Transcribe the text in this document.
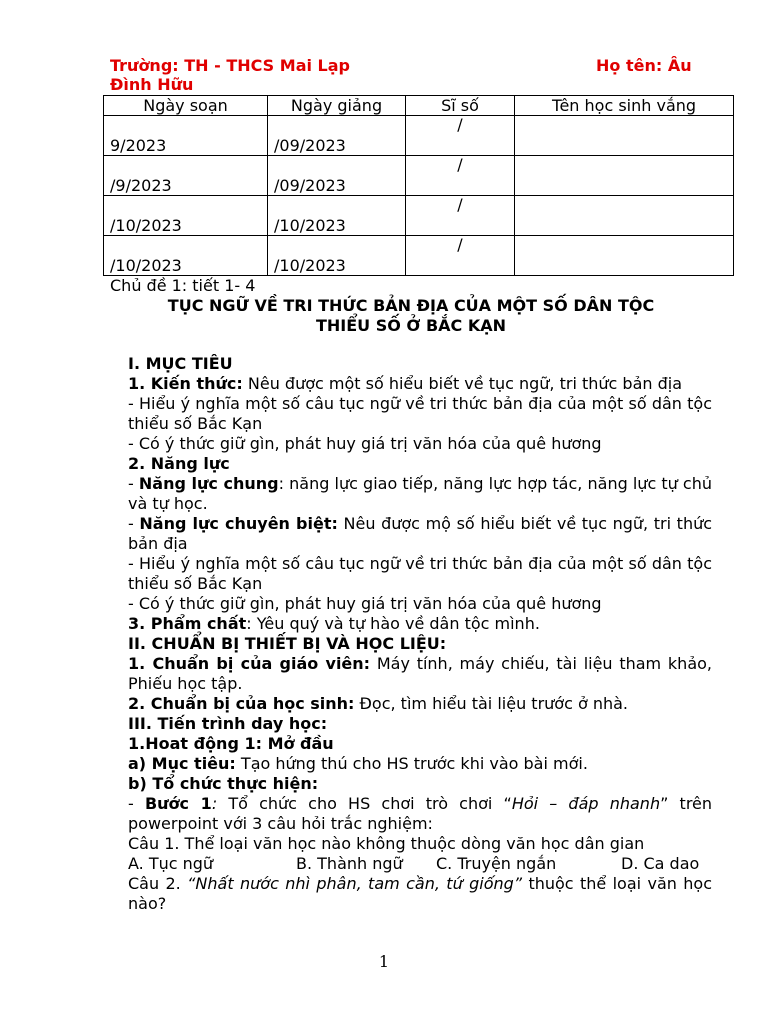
Trường: TH - THCS Mai Lạp	Họ tên: Âu
Đình Hữu
Ngày soạn	Ngày giảng	Sĩ số	Tên học sinh vắng
9/2023	/09/2023	/	
/9/2023	/09/2023	/	
/10/2023	/10/2023	/	
/10/2023	/10/2023	/	
Chủ đề 1: tiết 1- 4
TỤC NGỮ VỀ TRI THỨC BẢN ĐỊA CỦA MỘT SỐ DÂN TỘC
THIỂU SỐ Ở BẮC KẠN
I. MỤC TIÊU
1. Kiến thức: Nêu được một số hiểu biết về tục ngữ, tri thức bản địa
- Hiểu ý nghĩa một số câu tục ngữ về tri thức bản địa của một số dân tộc thiểu số Bắc Kạn
- Có ý thức giữ gìn, phát huy giá trị văn hóa của quê hương
2. Năng lực
- Năng lực chung: năng lực giao tiếp, năng lực hợp tác, năng lực tự chủ và tự học.
- Năng lực chuyên biệt: Nêu được mộ số hiểu biết về tục ngữ, tri thức bản địa
- Hiểu ý nghĩa một số câu tục ngữ về tri thức bản địa của một số dân tộc thiểu số Bắc Kạn
- Có ý thức giữ gìn, phát huy giá trị văn hóa của quê hương
3. Phẩm chất: Yêu quý và tự hào về dân tộc mình.
II. CHUẨN BỊ THIẾT BỊ VÀ HỌC LIỆU:
1. Chuẩn bị của giáo viên: Máy tính, máy chiếu, tài liệu tham khảo, Phiếu học tập.
2. Chuẩn bị của học sinh: Đọc, tìm hiểu tài liệu trước ở nhà.
III. Tiến trình day học:
1.Hoat động 1: Mở đầu
a) Mục tiêu: Tạo hứng thú cho HS trước khi vào bài mới.
b) Tổ chức thực hiện:
- Bước 1: Tổ chức cho HS chơi trò chơi “Hỏi – đáp nhanh” trên powerpoint với 3 câu hỏi trắc nghiệm:
Câu 1. Thể loại văn học nào không thuộc dòng văn học dân gian
A. Tục ngữ	B. Thành ngữ C. Truyện ngắn	D. Ca dao
Câu 2. “Nhất nước nhì phân, tam cần, tứ giống” thuộc thể loại văn học nào?
1
